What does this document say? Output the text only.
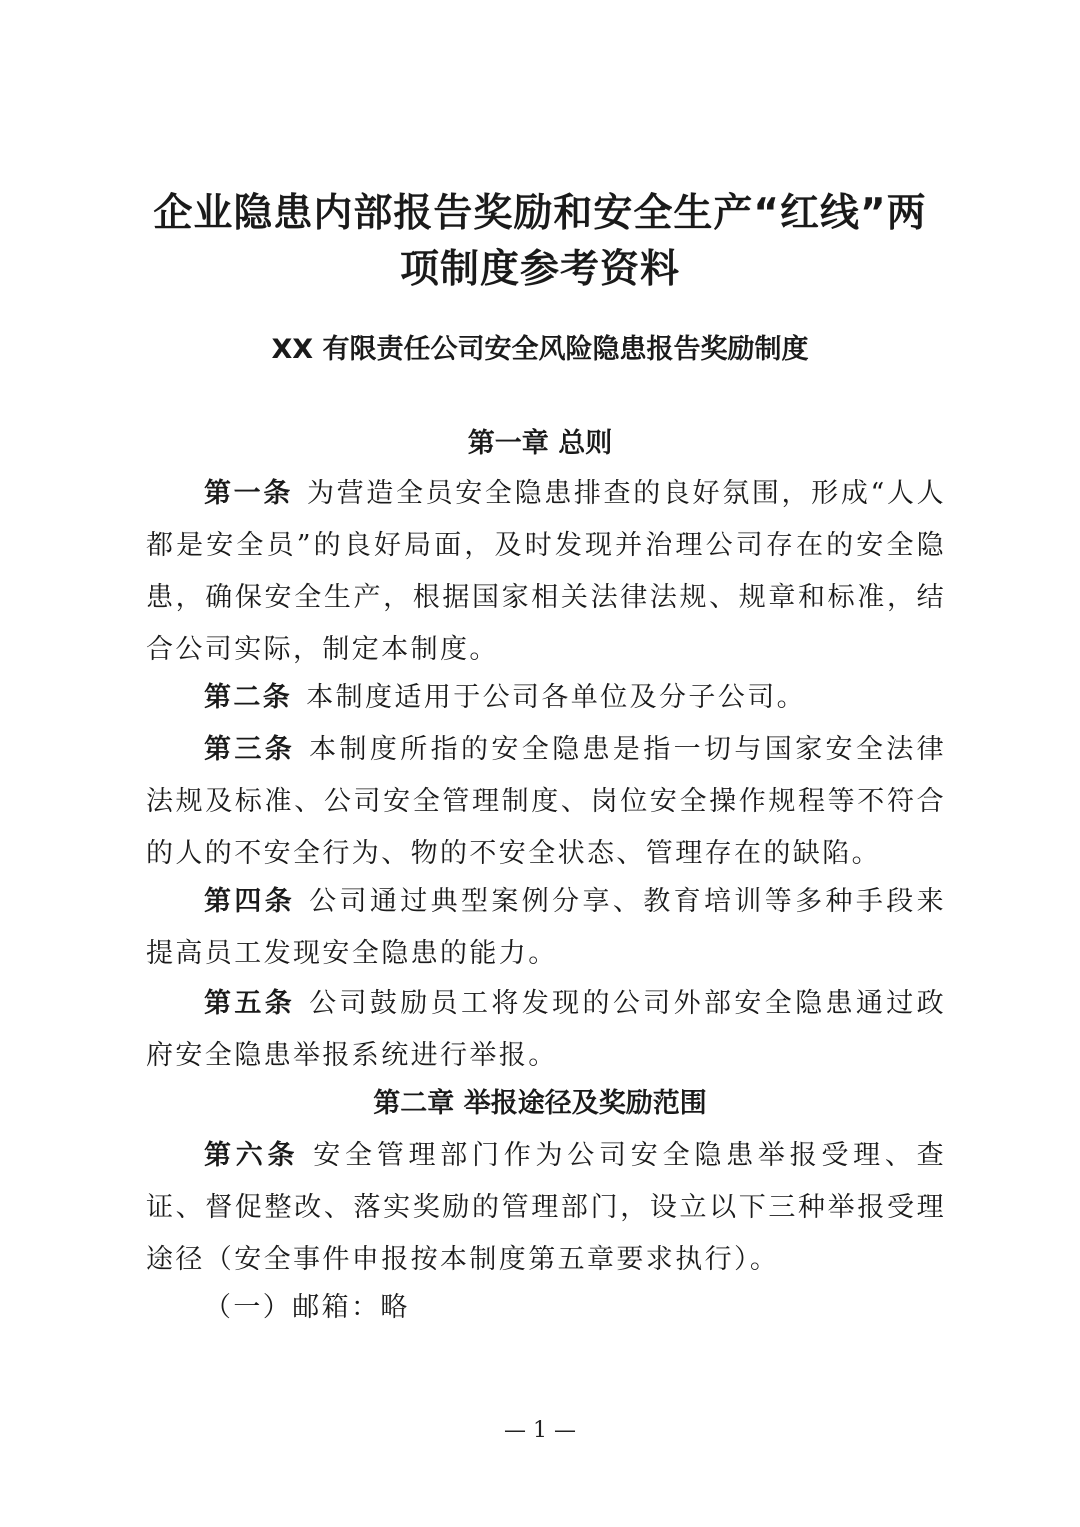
企业隐患内部报告奖励和安全生产“红线”两
项制度参考资料
XX 有限责任公司安全风险隐患报告奖励制度
第一章 总则
第一条 为营造全员安全隐患排查的良好氛围，形成“人人都是安全员”的良好局面，及时发现并治理公司存在的安全隐患，确保安全生产，根据国家相关法律法规、规章和标准，结合公司实际，制定本制度。
第二条 本制度适用于公司各单位及分子公司。
第三条 本制度所指的安全隐患是指一切与国家安全法律法规及标准、公司安全管理制度、岗位安全操作规程等不符合的人的不安全行为、物的不安全状态、管理存在的缺陷。
第四条 公司通过典型案例分享、教育培训等多种手段来提高员工发现安全隐患的能力。
第五条 公司鼓励员工将发现的公司外部安全隐患通过政府安全隐患举报系统进行举报。
第二章 举报途径及奖励范围
第六条 安全管理部门作为公司安全隐患举报受理、查证、督促整改、落实奖励的管理部门，设立以下三种举报受理途径（安全事件申报按本制度第五章要求执行）。
（一）邮箱：略
— 1 —
